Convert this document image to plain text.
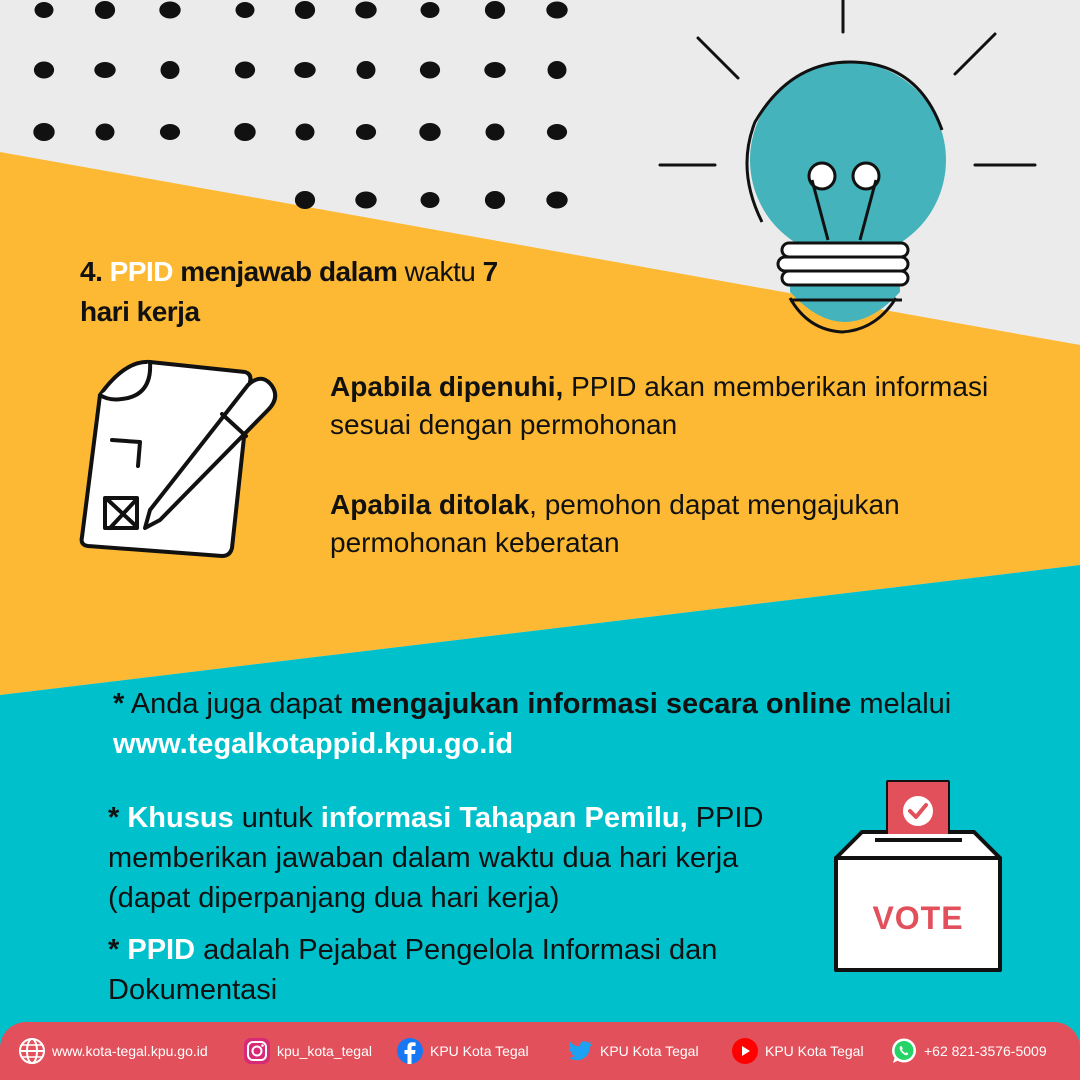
4. PPID menjawab dalam waktu 7
hari kerja
Apabila dipenuhi, PPID akan memberikan informasi sesuai dengan permohonan
Apabila ditolak, pemohon dapat mengajukan permohonan keberatan
* Anda juga dapat mengajukan informasi secara online melalui
www.tegalkotappid.kpu.go.id
* Khusus untuk informasi Tahapan Pemilu, PPID memberikan jawaban dalam waktu dua hari kerja (dapat diperpanjang dua hari kerja)
* PPID adalah Pejabat Pengelola Informasi dan Dokumentasi
VOTE
www.kota-tegal.kpu.go.id	kpu_kota_tegal	KPU Kota Tegal	KPU Kota Tegal	KPU Kota Tegal	+62 821-3576-5009
